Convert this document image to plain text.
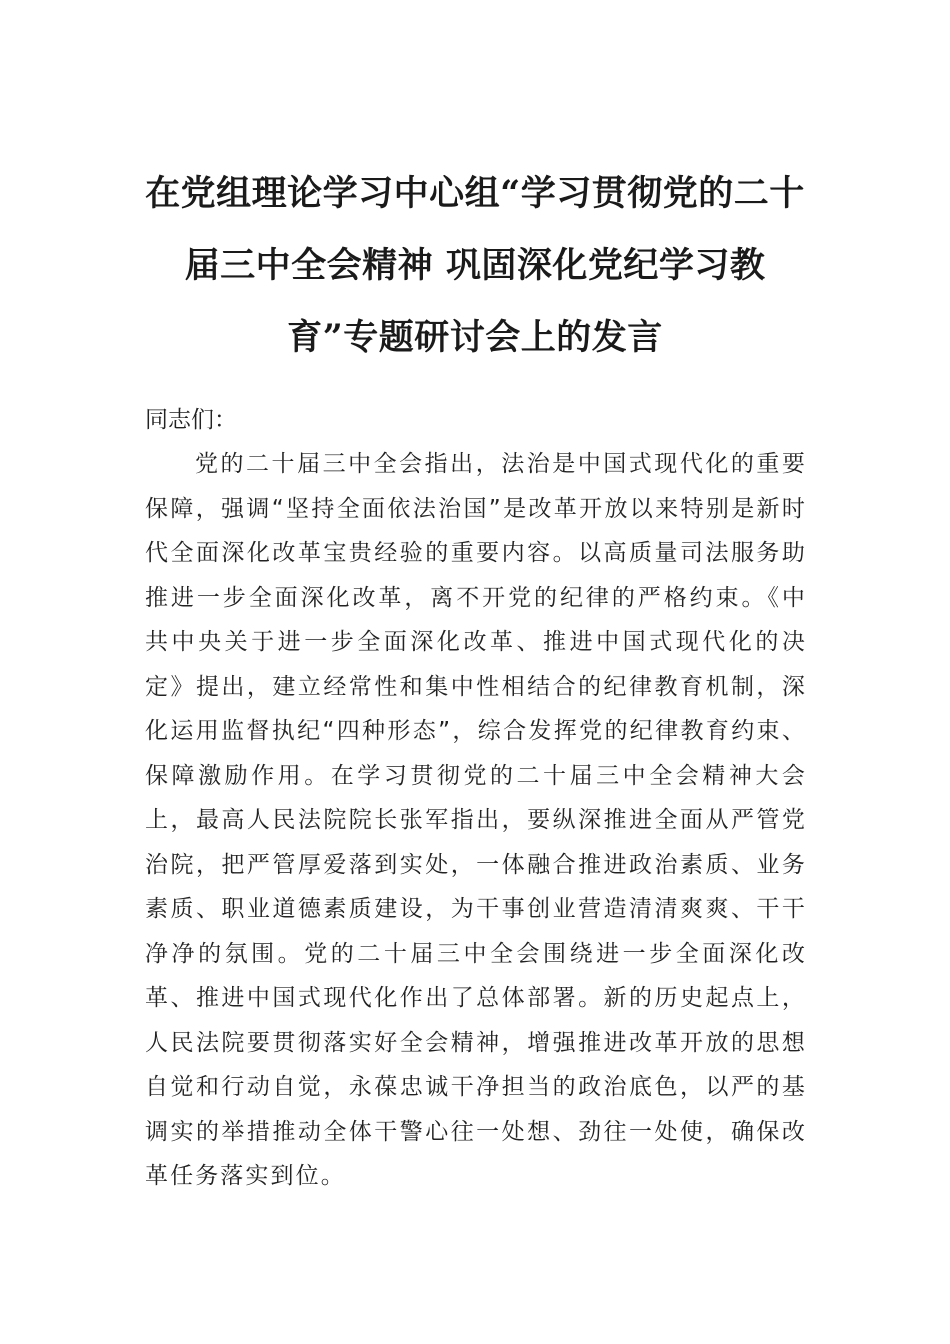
在党组理论学习中心组“学习贯彻党的二十届三中全会精神 巩固深化党纪学习教育”专题研讨会上的发言

同志们：

党的二十届三中全会指出，法治是中国式现代化的重要保障，强调“坚持全面依法治国”是改革开放以来特别是新时代全面深化改革宝贵经验的重要内容。以高质量司法服务助推进一步全面深化改革，离不开党的纪律的严格约束。《中共中央关于进一步全面深化改革、推进中国式现代化的决定》提出，建立经常性和集中性相结合的纪律教育机制，深化运用监督执纪“四种形态”，综合发挥党的纪律教育约束、保障激励作用。在学习贯彻党的二十届三中全会精神大会上，最高人民法院院长张军指出，要纵深推进全面从严管党治院，把严管厚爱落到实处，一体融合推进政治素质、业务素质、职业道德素质建设，为干事创业营造清清爽爽、干干净净的氛围。党的二十届三中全会围绕进一步全面深化改革、推进中国式现代化作出了总体部署。新的历史起点上，人民法院要贯彻落实好全会精神，增强推进改革开放的思想自觉和行动自觉，永葆忠诚干净担当的政治底色，以严的基调实的举措推动全体干警心往一处想、劲往一处使，确保改革任务落实到位。
